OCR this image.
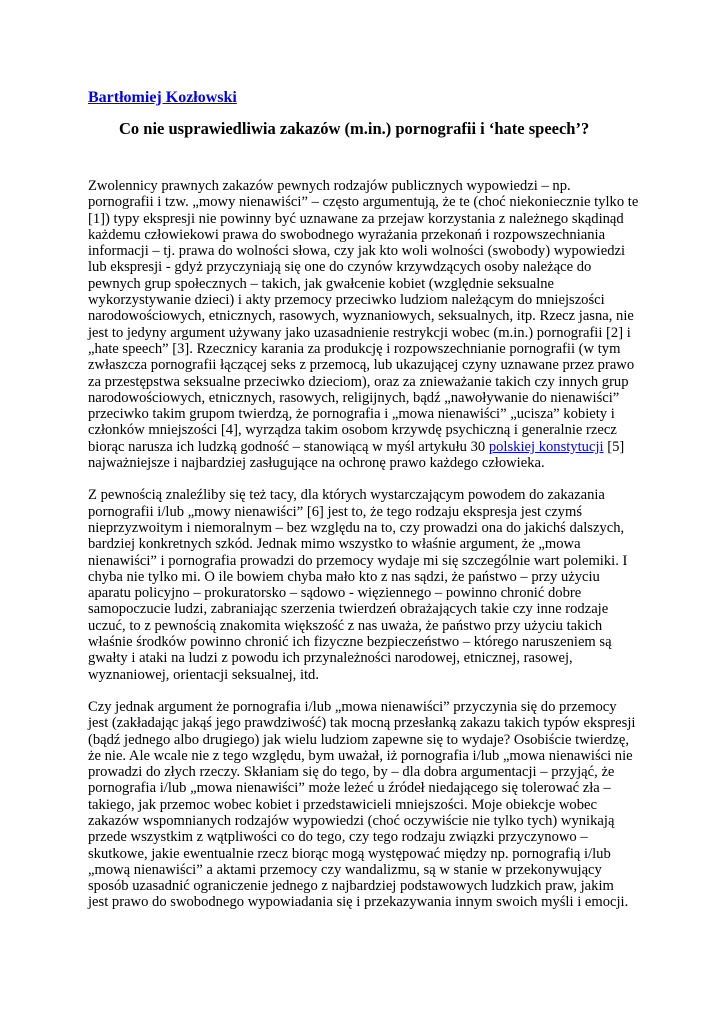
Bartłomiej Kozłowski

Co nie usprawiedliwia zakazów (m.in.) pornografii i ‘hate speech’?

Zwolennicy prawnych zakazów pewnych rodzajów publicznych wypowiedzi – np.
pornografii i tzw. „mowy nienawiści” – często argumentują, że te (choć niekoniecznie tylko te
[1]) typy ekspresji nie powinny być uznawane za przejaw korzystania z należnego skądinąd
każdemu człowiekowi prawa do swobodnego wyrażania przekonań i rozpowszechniania
informacji – tj. prawa do wolności słowa, czy jak kto woli wolności (swobody) wypowiedzi
lub ekspresji - gdyż przyczyniają się one do czynów krzywdzących osoby należące do
pewnych grup społecznych – takich, jak gwałcenie kobiet (względnie seksualne
wykorzystywanie dzieci) i akty przemocy przeciwko ludziom należącym do mniejszości
narodowościowych, etnicznych, rasowych, wyznaniowych, seksualnych, itp. Rzecz jasna, nie
jest to jedyny argument używany jako uzasadnienie restrykcji wobec (m.in.) pornografii [2] i
„hate speech” [3]. Rzecznicy karania za produkcję i rozpowszechnianie pornografii (w tym
zwłaszcza pornografii łączącej seks z przemocą, lub ukazującej czyny uznawane przez prawo
za przestępstwa seksualne przeciwko dzieciom), oraz za znieważanie takich czy innych grup
narodowościowych, etnicznych, rasowych, religijnych, bądź „nawoływanie do nienawiści”
przeciwko takim grupom twierdzą, że pornografia i „mowa nienawiści” „ucisza” kobiety i
członków mniejszości [4], wyrządza takim osobom krzywdę psychiczną i generalnie rzecz
biorąc narusza ich ludzką godność – stanowiącą w myśl artykułu 30 polskiej konstytucji [5]
najważniejsze i najbardziej zasługujące na ochronę prawo każdego człowieka.

Z pewnością znaleźliby się też tacy, dla których wystarczającym powodem do zakazania
pornografii i/lub „mowy nienawiści” [6] jest to, że tego rodzaju ekspresja jest czymś
nieprzyzwoitym i niemoralnym – bez względu na to, czy prowadzi ona do jakichś dalszych,
bardziej konkretnych szkód. Jednak mimo wszystko to właśnie argument, że „mowa
nienawiści” i pornografia prowadzi do przemocy wydaje mi się szczególnie wart polemiki. I
chyba nie tylko mi. O ile bowiem chyba mało kto z nas sądzi, że państwo – przy użyciu
aparatu policyjno – prokuratorsko – sądowo - więziennego – powinno chronić dobre
samopoczucie ludzi, zabraniając szerzenia twierdzeń obrażających takie czy inne rodzaje
uczuć, to z pewnością znakomita większość z nas uważa, że państwo przy użyciu takich
właśnie środków powinno chronić ich fizyczne bezpieczeństwo – którego naruszeniem są
gwałty i ataki na ludzi z powodu ich przynależności narodowej, etnicznej, rasowej,
wyznaniowej, orientacji seksualnej, itd.

Czy jednak argument że pornografia i/lub „mowa nienawiści” przyczynia się do przemocy
jest (zakładając jakąś jego prawdziwość) tak mocną przesłanką zakazu takich typów ekspresji
(bądź jednego albo drugiego) jak wielu ludziom zapewne się to wydaje? Osobiście twierdzę,
że nie. Ale wcale nie z tego względu, bym uważał, iż pornografia i/lub „mowa nienawiści nie
prowadzi do złych rzeczy. Skłaniam się do tego, by – dla dobra argumentacji – przyjąć, że
pornografia i/lub „mowa nienawiści” może leżeć u źródeł niedającego się tolerować zła –
takiego, jak przemoc wobec kobiet i przedstawicieli mniejszości. Moje obiekcje wobec
zakazów wspomnianych rodzajów wypowiedzi (choć oczywiście nie tylko tych) wynikają
przede wszystkim z wątpliwości co do tego, czy tego rodzaju związki przyczynowo –
skutkowe, jakie ewentualnie rzecz biorąc mogą występować między np. pornografią i/lub
„mową nienawiści” a aktami przemocy czy wandalizmu, są w stanie w przekonywujący
sposób uzasadnić ograniczenie jednego z najbardziej podstawowych ludzkich praw, jakim
jest prawo do swobodnego wypowiadania się i przekazywania innym swoich myśli i emocji.
